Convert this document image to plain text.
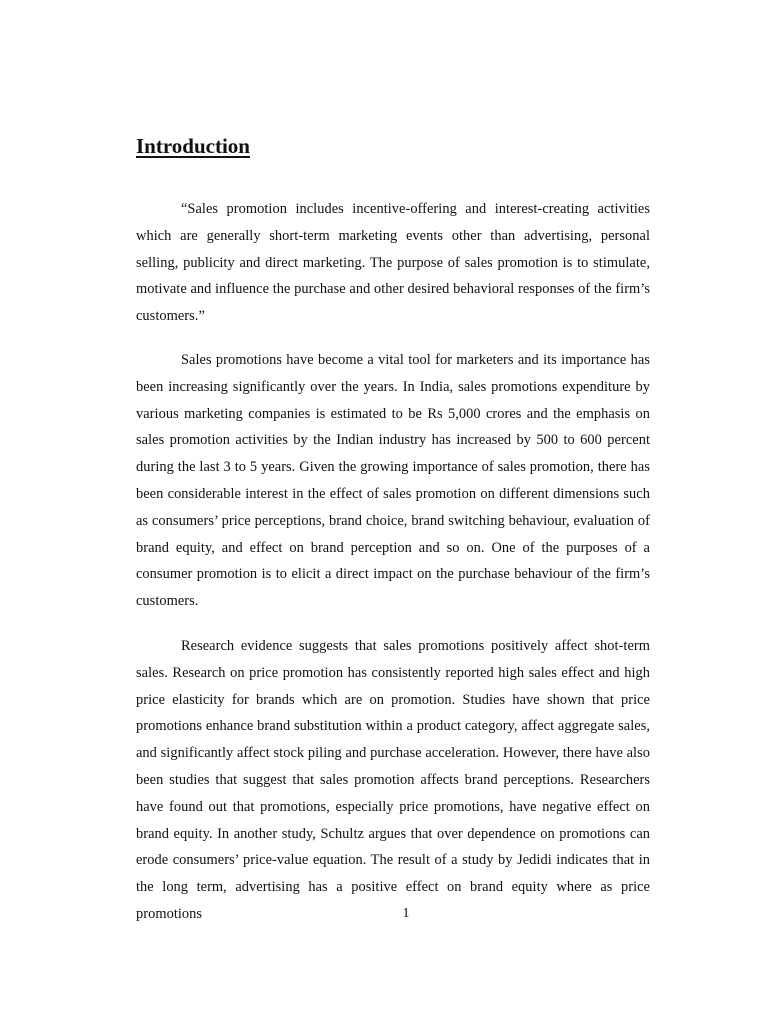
Introduction

“Sales promotion includes incentive-offering and interest-creating activities which are generally short-term marketing events other than advertising, personal selling, publicity and direct marketing. The purpose of sales promotion is to stimulate, motivate and influence the purchase and other desired behavioral responses of the firm’s customers.”

Sales promotions have become a vital tool for marketers and its importance has been increasing significantly over the years. In India, sales promotions expenditure by various marketing companies is estimated to be Rs 5,000 crores and the emphasis on sales promotion activities by the Indian industry has increased by 500 to 600 percent during the last 3 to 5 years. Given the growing importance of sales promotion, there has been considerable interest in the effect of sales promotion on different dimensions such as consumers’ price perceptions, brand choice, brand switching behaviour, evaluation of brand equity, and effect on brand perception and so on. One of the purposes of a consumer promotion is to elicit a direct impact on the purchase behaviour of the firm’s customers.

Research evidence suggests that sales promotions positively affect shot-term sales. Research on price promotion has consistently reported high sales effect and high price elasticity for brands which are on promotion. Studies have shown that price promotions enhance brand substitution within a product category, affect aggregate sales, and significantly affect stock piling and purchase acceleration. However, there have also been studies that suggest that sales promotion affects brand perceptions. Researchers have found out that promotions, especially price promotions, have negative effect on brand equity. In another study, Schultz argues that over dependence on promotions can erode consumers’ price-value equation. The result of a study by Jedidi indicates that in the long term, advertising has a positive effect on brand equity where as price promotions	1
